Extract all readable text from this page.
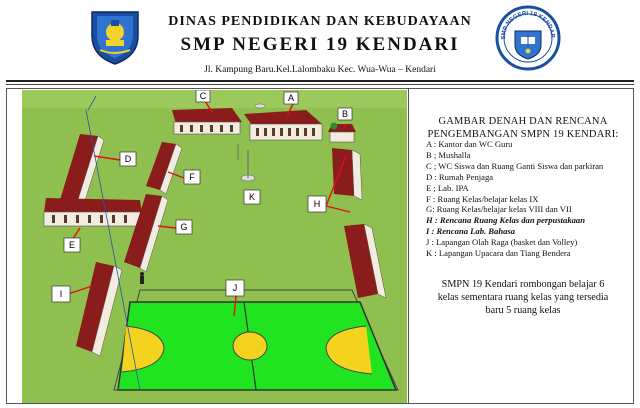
DINAS PENDIDIKAN DAN KEBUDAYAAN
SMP NEGERI 19 KENDARI
Jl. Kampung Baru.Kel.Lalombaku Kec. Wua-Wua – Kendari
SMP NEGERI 19 KENDAR
A
B
C
D
E
F
G
H
I
J
K
GAMBAR DENAH DAN RENCANA
PENGEMBANGAN SMPN 19 KENDARI:
A : Kantor dan WC Guru
B ; Mushalla
C ; WC Siswa dan Ruang Ganti Siswa dan parkiran
D : Rumah Penjaga
E ; Lab. IPA
F : Ruang Kelas/belajar kelas IX
G: Ruang Kelas/belajar kelas VIII dan VII
H : Rencana Ruang Kelas dan perpustakaan
I : Rencana Lab. Bahasa
J : Lapangan Olah Raga (basket dan Volley)
K : Lapangan Upacara dan Tiang Bendera
SMPN 19 Kendari rombongan belajar 6
kelas sementara ruang kelas yang tersedia
baru 5 ruang kelas
